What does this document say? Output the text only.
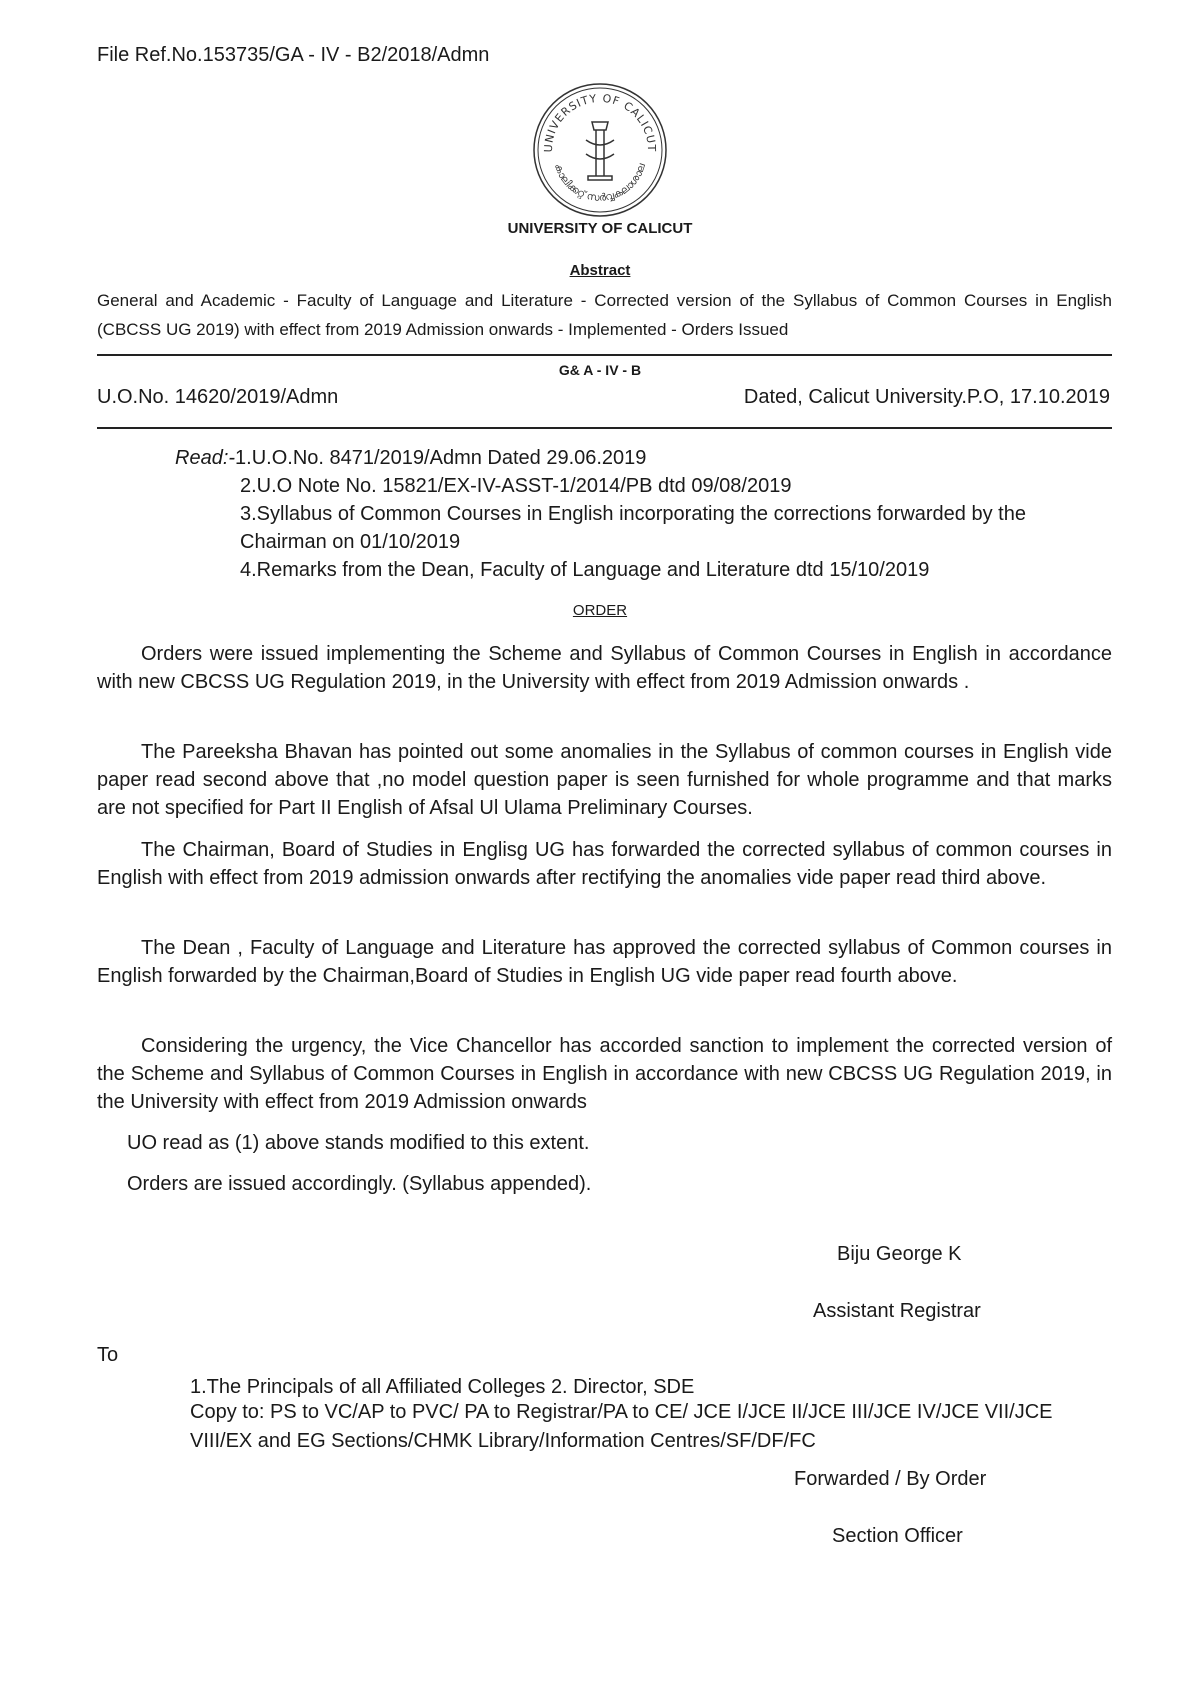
File Ref.No.153735/GA - IV - B2/2018/Admn
UNIVERSITY OF CALICUT
കാലിക്കറ്റ് സർവ്വകലാശാല
UNIVERSITY OF CALICUT
Abstract
General and Academic - Faculty of Language and Literature - Corrected version of the Syllabus of Common Courses in English (CBCSS UG 2019) with effect from 2019 Admission onwards - Implemented - Orders Issued
G& A - IV - B
U.O.No. 14620/2019/Admn	Dated, Calicut University.P.O, 17.10.2019
Read:-1.U.O.No. 8471/2019/Admn Dated 29.06.2019
2.U.O Note No. 15821/EX-IV-ASST-1/2014/PB dtd 09/08/2019
3.Syllabus of Common Courses in English incorporating the corrections forwarded by the Chairman on 01/10/2019
4.Remarks from the Dean, Faculty of Language and Literature dtd 15/10/2019
ORDER

Orders were issued implementing the Scheme and Syllabus of Common Courses in English in accordance with new CBCSS UG Regulation 2019, in the University with effect from 2019 Admission onwards .

The Pareeksha Bhavan has pointed out some anomalies in the Syllabus of common courses in English vide paper read second above that ,no model question paper is seen furnished for whole programme and that marks are not specified for Part II English of Afsal Ul Ulama Preliminary Courses.

The Chairman, Board of Studies in Englisg UG has forwarded the corrected syllabus of common courses in English with effect from 2019 admission onwards after rectifying the anomalies vide paper read third above.

The Dean , Faculty of Language and Literature has approved the corrected syllabus of Common courses in English forwarded by the Chairman,Board of Studies in English UG vide paper read fourth above.

Considering the urgency, the Vice Chancellor has accorded sanction to implement the corrected version of the Scheme and Syllabus of Common Courses in English in accordance with new CBCSS UG Regulation 2019, in the University with effect from 2019 Admission onwards

UO read as (1) above stands modified to this extent.
Orders are issued accordingly. (Syllabus appended).
Biju George K
Assistant Registrar
To
1.The Principals of all Affiliated Colleges 2. Director, SDE
Copy to: PS to VC/AP to PVC/ PA to Registrar/PA to CE/ JCE I/JCE II/JCE III/JCE IV/JCE VII/JCE VIII/EX and EG Sections/CHMK Library/Information Centres/SF/DF/FC
Forwarded / By Order
Section Officer
